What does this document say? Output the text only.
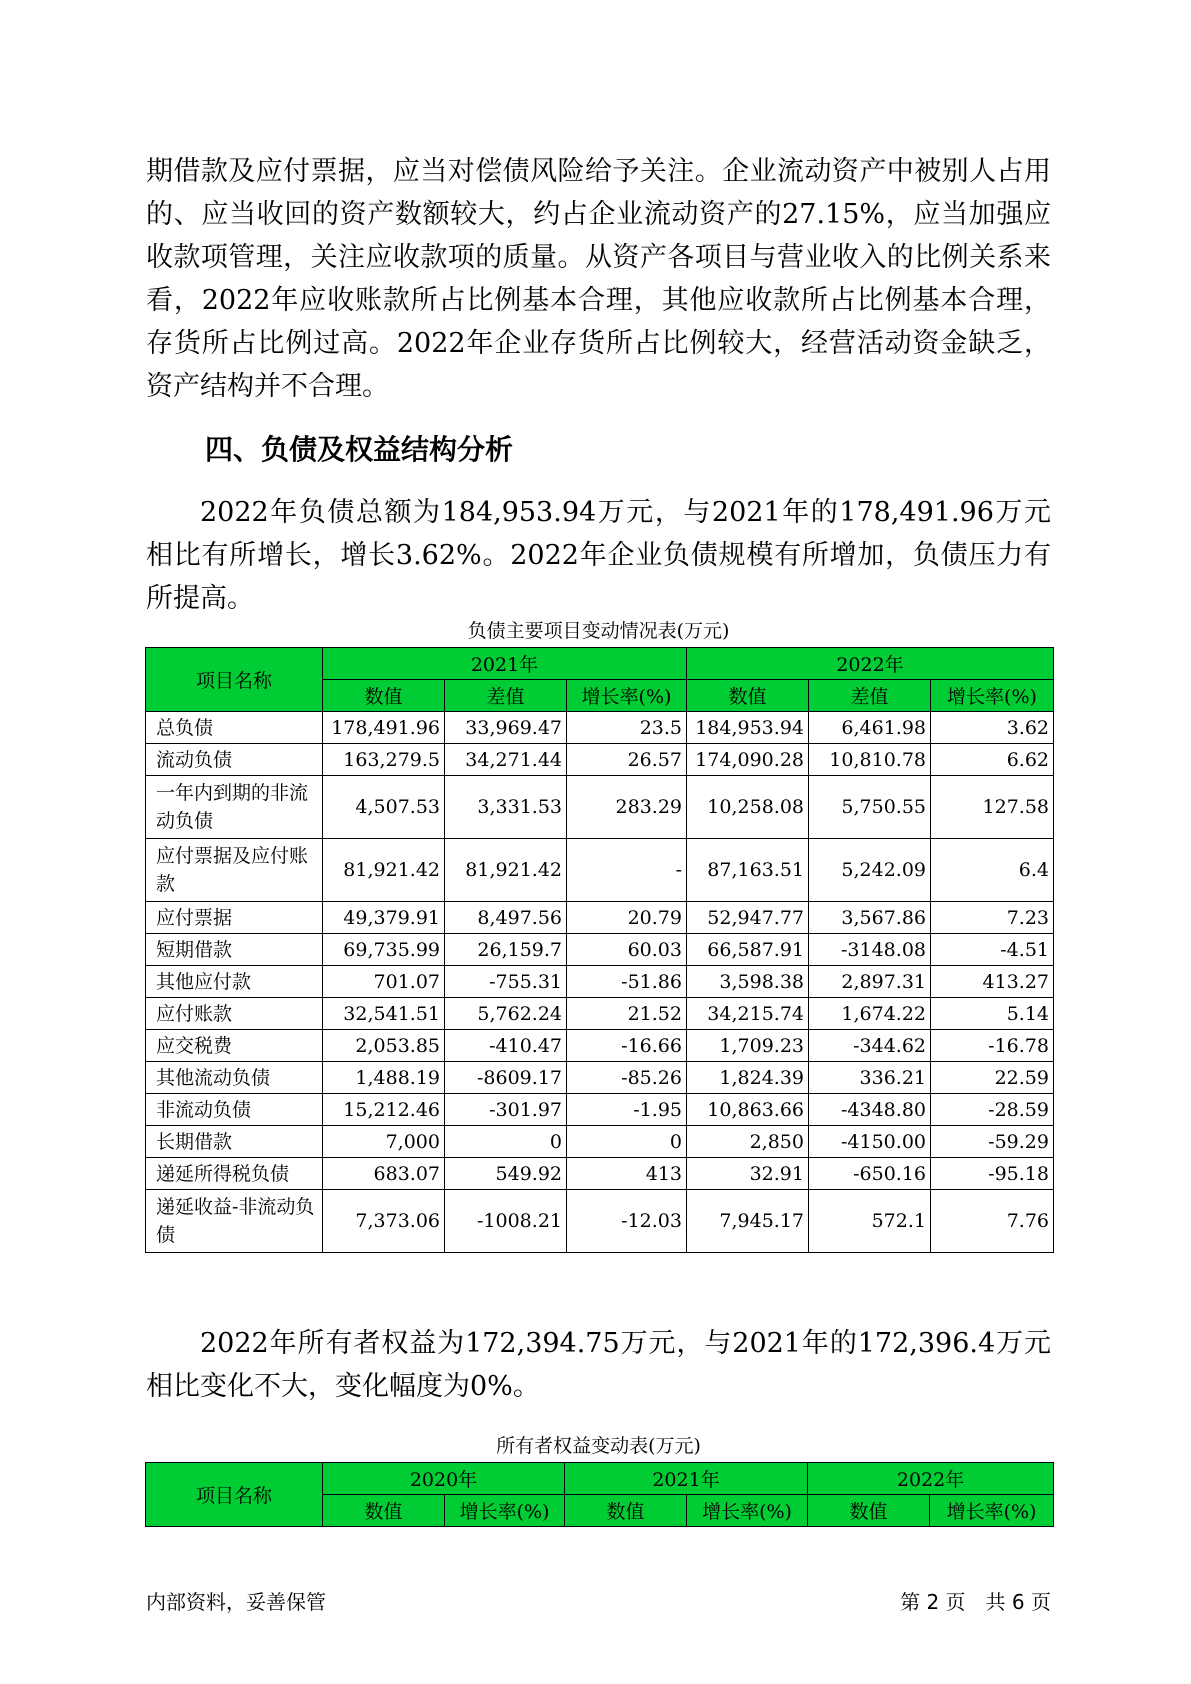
期借款及应付票据，应当对偿债风险给予关注。企业流动资产中被别人占用的、应当收回的资产数额较大，约占企业流动资产的27.15%，应当加强应收款项管理，关注应收款项的质量。从资产各项目与营业收入的比例关系来看，2022年应收账款所占比例基本合理，其他应收款所占比例基本合理，存货所占比例过高。2022年企业存货所占比例较大，经营活动资金缺乏，资产结构并不合理。

四、负债及权益结构分析

2022年负债总额为184,953.94万元，与2021年的178,491.96万元相比有所增长，增长3.62%。2022年企业负债规模有所增加，负债压力有所提高。

负债主要项目变动情况表(万元)

项目名称	2021年			2022年		
	数值	差值	增长率(%)	数值	差值	增长率(%)
总负债	178,491.96	33,969.47	23.5	184,953.94	6,461.98	3.62
流动负债	163,279.5	34,271.44	26.57	174,090.28	10,810.78	6.62
一年内到期的非流动负债	4,507.53	3,331.53	283.29	10,258.08	5,750.55	127.58
应付票据及应付账款	81,921.42	81,921.42	-	87,163.51	5,242.09	6.4
应付票据	49,379.91	8,497.56	20.79	52,947.77	3,567.86	7.23
短期借款	69,735.99	26,159.7	60.03	66,587.91	-3148.08	-4.51
其他应付款	701.07	-755.31	-51.86	3,598.38	2,897.31	413.27
应付账款	32,541.51	5,762.24	21.52	34,215.74	1,674.22	5.14
应交税费	2,053.85	-410.47	-16.66	1,709.23	-344.62	-16.78
其他流动负债	1,488.19	-8609.17	-85.26	1,824.39	336.21	22.59
非流动负债	15,212.46	-301.97	-1.95	10,863.66	-4348.80	-28.59
长期借款	7,000	0	0	2,850	-4150.00	-59.29
递延所得税负债	683.07	549.92	413	32.91	-650.16	-95.18
递延收益-非流动负债	7,373.06	-1008.21	-12.03	7,945.17	572.1	7.76

2022年所有者权益为172,394.75万元，与2021年的172,396.4万元相比变化不大，变化幅度为0%。

所有者权益变动表(万元)

项目名称	2020年		2021年		2022年	
	数值	增长率(%)	数值	增长率(%)	数值	增长率(%)

内部资料，妥善保管	第 2 页　共 6 页
